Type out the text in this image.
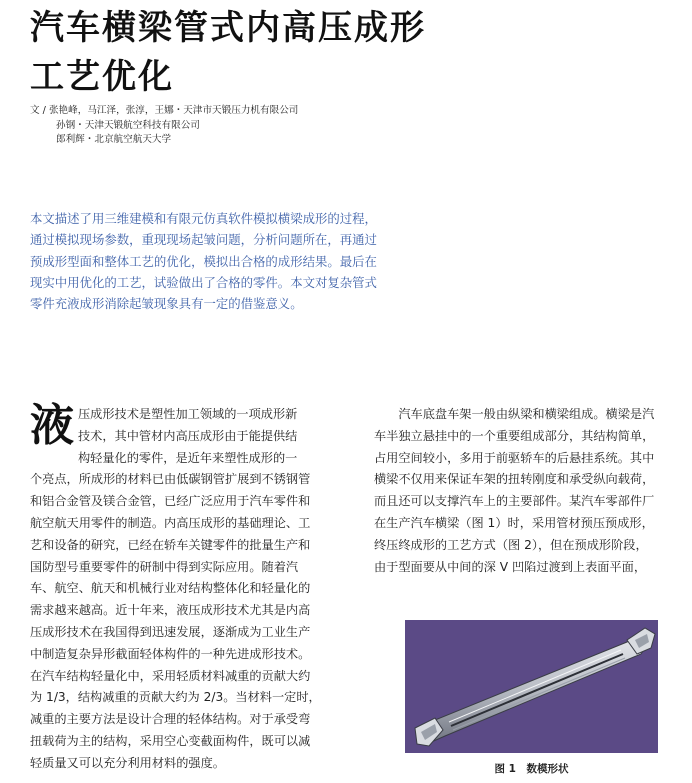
汽车横梁管式内高压成形
工艺优化
文 / 张艳峰，马江泽，张淳，王娜・天津市天锻压力机有限公司
孙钢・天津天锻航空科技有限公司
郎利辉・北京航空航天大学
本文描述了用三维建模和有限元仿真软件模拟横梁成形的过程，
通过模拟现场参数，重现现场起皱问题，分析问题所在，再通过
预成形型面和整体工艺的优化，模拟出合格的成形结果。最后在
现实中用优化的工艺，试验做出了合格的零件。本文对复杂管式
零件充液成形消除起皱现象具有一定的借鉴意义。
液 压成形技术是塑性加工领域的一项成形新
技术，其中管材内高压成形由于能提供结
构轻量化的零件，是近年来塑性成形的一
个亮点，所成形的材料已由低碳钢管扩展到不锈钢管
和铝合金管及镁合金管，已经广泛应用于汽车零件和
航空航天用零件的制造。内高压成形的基础理论、工
艺和设备的研究，已经在轿车关键零件的批量生产和
国防型号重要零件的研制中得到实际应用。随着汽
车、航空、航天和机械行业对结构整体化和轻量化的
需求越来越高。近十年来，液压成形技术尤其是内高
压成形技术在我国得到迅速发展，逐渐成为工业生产
中制造复杂异形截面轻体构件的一种先进成形技术。
在汽车结构轻量化中，采用轻质材料减重的贡献大约
为 1/3，结构减重的贡献大约为 2/3。当材料一定时，
减重的主要方法是设计合理的轻体结构。对于承受弯
扭载荷为主的结构，采用空心变截面构件，既可以减
轻质量又可以充分利用材料的强度。
　　汽车底盘车架一般由纵梁和横梁组成。横梁是汽
车半独立悬挂中的一个重要组成部分，其结构简单，
占用空间较小，多用于前驱轿车的后悬挂系统。其中
横梁不仅用来保证车架的扭转刚度和承受纵向载荷，
而且还可以支撑汽车上的主要部件。某汽车零部件厂
在生产汽车横梁（图 1）时，采用管材预压预成形，
终压终成形的工艺方式（图 2），但在预成形阶段，
由于型面要从中间的深 V 凹陷过渡到上表面平面，
图 1　数模形状
